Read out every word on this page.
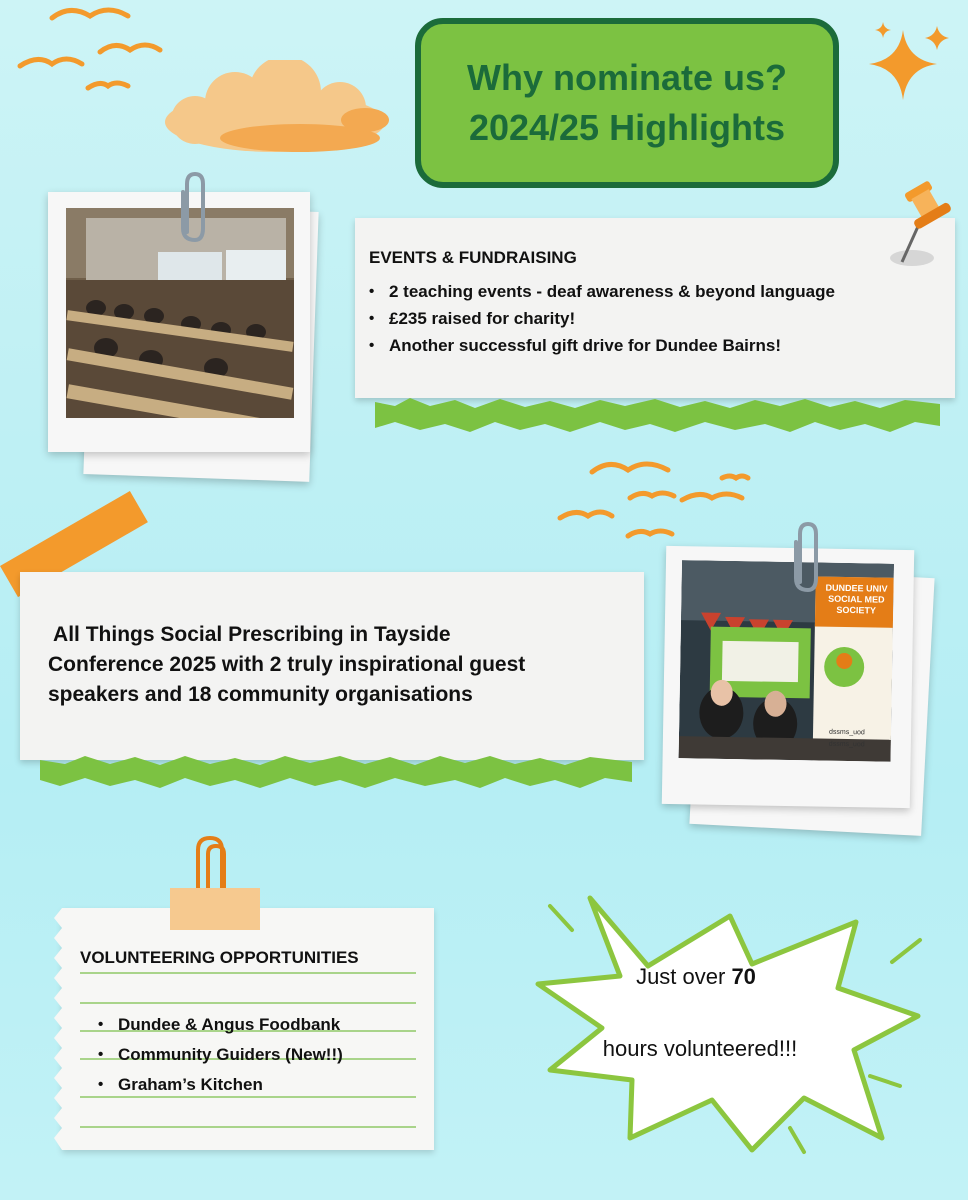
Why nominate us?
2024/25 Highlights
EVENTS & FUNDRAISING
• 2 teaching events - deaf awareness & beyond language
• £235 raised for charity!
• Another successful gift drive for Dundee Bairns!
All Things Social Prescribing in Tayside
Conference 2025 with 2 truly inspirational guest
speakers and 18 community organisations
DUNDEE UNIV
SOCIAL MED
SOCIETY
dssms_uod
dssms_uod
VOLUNTEERING OPPORTUNITIES
• Dundee & Angus Foodbank
• Community Guiders (New!!)
• Graham’s Kitchen
Just over 70
hours volunteered!!!
